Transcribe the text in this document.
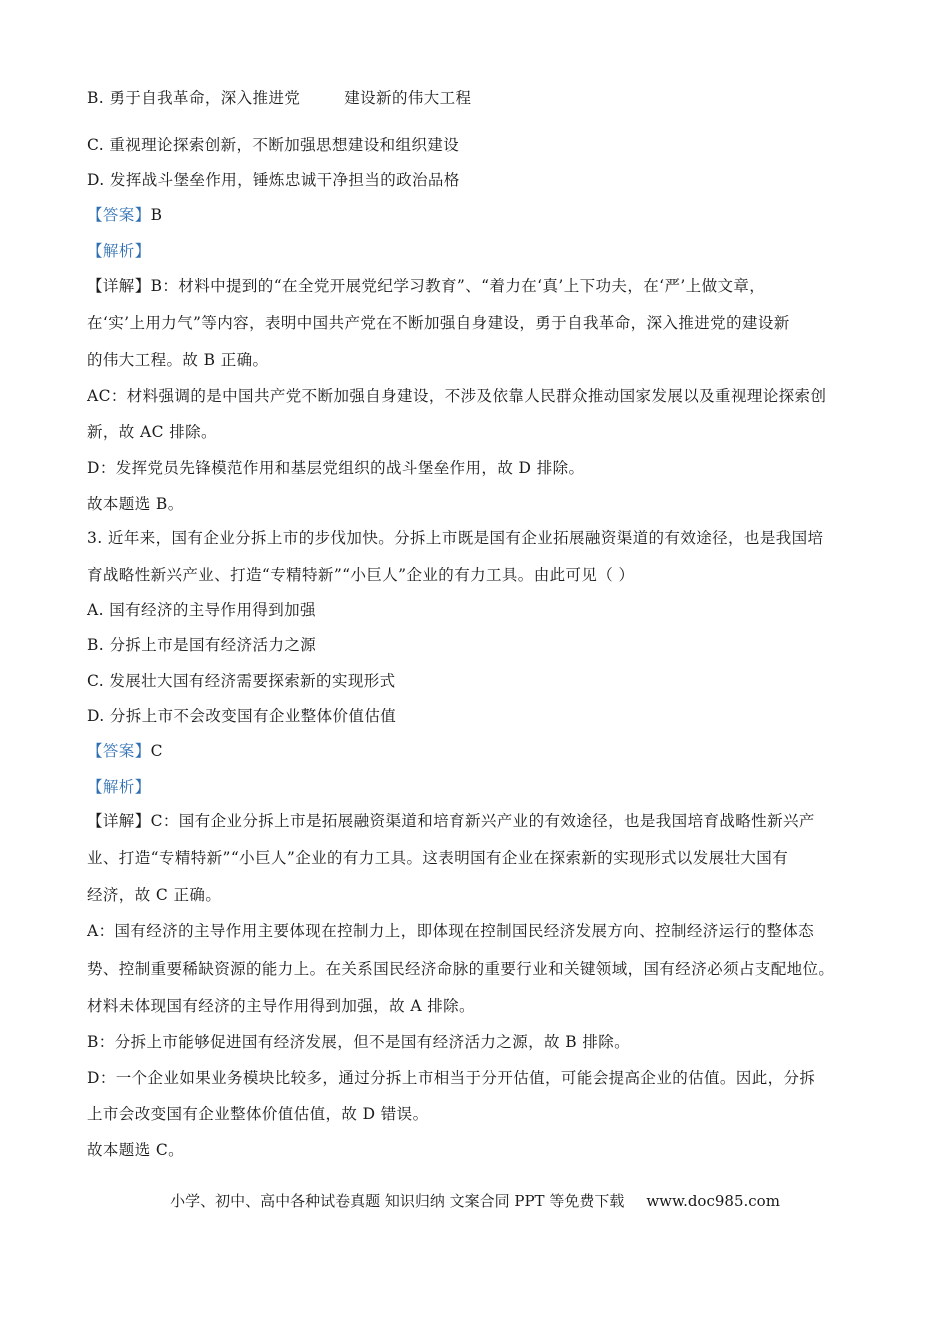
B. 勇于自我革命，深入推进党	建设新的伟大工程
C. 重视理论探索创新，不断加强思想建设和组织建设
D. 发挥战斗堡垒作用，锤炼忠诚干净担当的政治品格
【答案】B
【解析】
【详解】B：材料中提到的“在全党开展党纪学习教育”、“着力在‘真’上下功夫，在‘严’上做文章，
在‘实’上用力气”等内容，表明中国共产党在不断加强自身建设，勇于自我革命，深入推进党的建设新
的伟大工程。故 B 正确。
AC：材料强调的是中国共产党不断加强自身建设，不涉及依靠人民群众推动国家发展以及重视理论探索创
新，故 AC 排除。
D：发挥党员先锋模范作用和基层党组织的战斗堡垒作用，故 D 排除。
故本题选 B。
3. 近年来，国有企业分拆上市的步伐加快。分拆上市既是国有企业拓展融资渠道的有效途径，也是我国培
育战略性新兴产业、打造“专精特新”“小巨人”企业的有力工具。由此可见（ ）
A. 国有经济的主导作用得到加强
B. 分拆上市是国有经济活力之源
C. 发展壮大国有经济需要探索新的实现形式
D. 分拆上市不会改变国有企业整体价值估值
【答案】C
【解析】
【详解】C：国有企业分拆上市是拓展融资渠道和培育新兴产业的有效途径，也是我国培育战略性新兴产
业、打造“专精特新”“小巨人”企业的有力工具。这表明国有企业在探索新的实现形式以发展壮大国有
经济，故 C 正确。
A：国有经济的主导作用主要体现在控制力上，即体现在控制国民经济发展方向、控制经济运行的整体态
势、控制重要稀缺资源的能力上。在关系国民经济命脉的重要行业和关键领域，国有经济必须占支配地位。
材料未体现国有经济的主导作用得到加强，故 A 排除。
B：分拆上市能够促进国有经济发展，但不是国有经济活力之源，故 B 排除。
D：一个企业如果业务模块比较多，通过分拆上市相当于分开估值，可能会提高企业的估值。因此，分拆
上市会改变国有企业整体价值估值，故 D 错误。
故本题选 C。
小学、初中、高中各种试卷真题 知识归纳 文案合同 PPT 等免费下载 www.doc985.com
